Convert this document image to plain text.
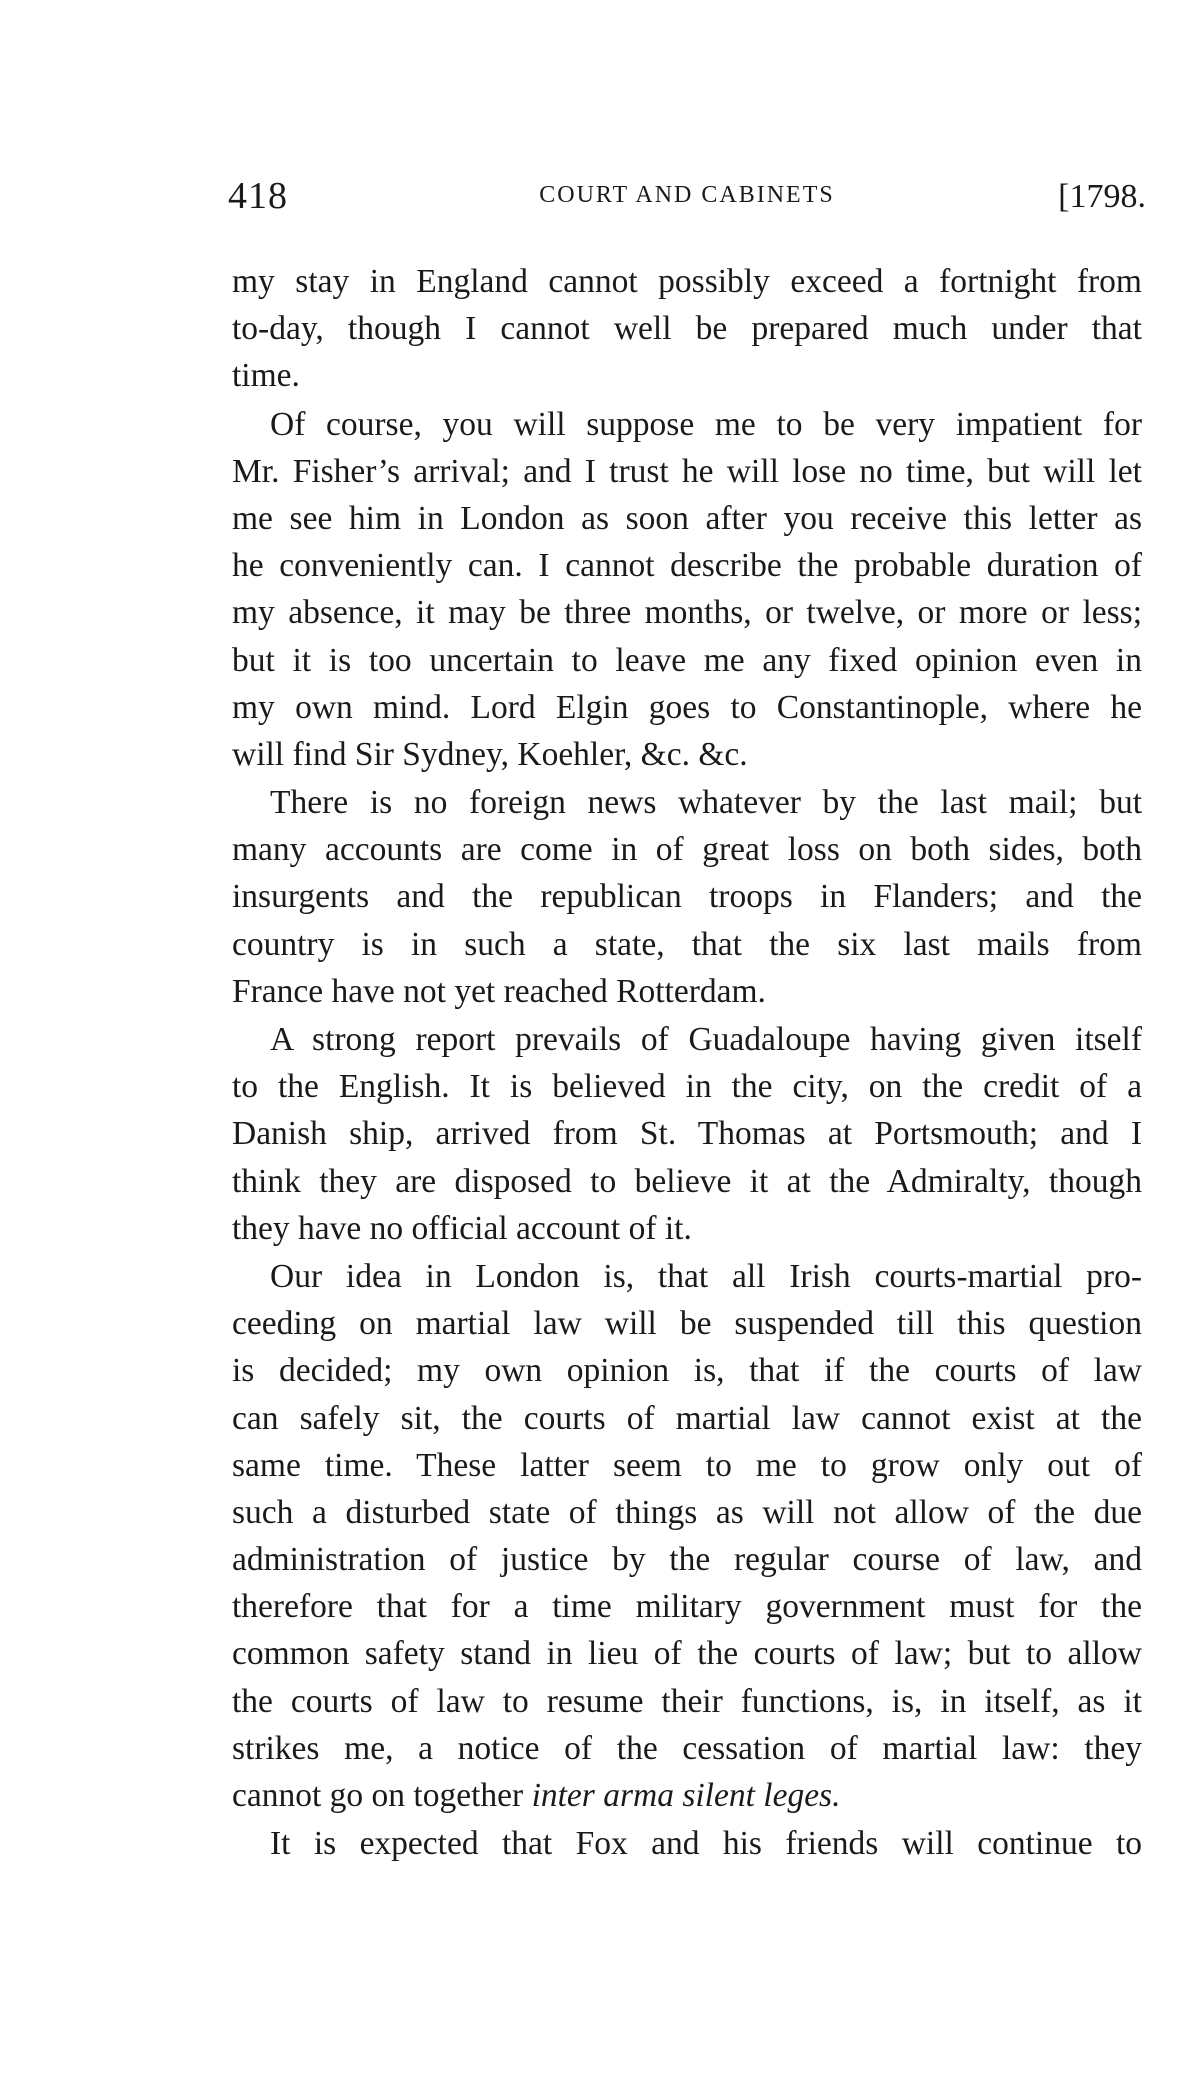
418	COURT AND CABINETS	[1798.

my stay in England cannot possibly exceed a fortnight from
to-day, though I cannot well be prepared much under that
time.

Of course, you will suppose me to be very impatient for
Mr. Fisher’s arrival; and I trust he will lose no time, but will let
me see him in London as soon after you receive this letter as
he conveniently can. I cannot describe the probable duration of
my absence, it may be three months, or twelve, or more or less;
but it is too uncertain to leave me any fixed opinion even in
my own mind. Lord Elgin goes to Constantinople, where he
will find Sir Sydney, Koehler, &c. &c.

There is no foreign news whatever by the last mail; but
many accounts are come in of great loss on both sides, both
insurgents and the republican troops in Flanders; and the
country is in such a state, that the six last mails from
France have not yet reached Rotterdam.

A strong report prevails of Guadaloupe having given itself
to the English. It is believed in the city, on the credit of a
Danish ship, arrived from St. Thomas at Portsmouth; and I
think they are disposed to believe it at the Admiralty, though
they have no official account of it.

Our idea in London is, that all Irish courts-martial pro-
ceeding on martial law will be suspended till this question
is decided; my own opinion is, that if the courts of law
can safely sit, the courts of martial law cannot exist at the
same time. These latter seem to me to grow only out of
such a disturbed state of things as will not allow of the due
administration of justice by the regular course of law, and
therefore that for a time military government must for the
common safety stand in lieu of the courts of law; but to allow
the courts of law to resume their functions, is, in itself, as it
strikes me, a notice of the cessation of martial law: they
cannot go on together inter arma silent leges.

It is expected that Fox and his friends will continue to
